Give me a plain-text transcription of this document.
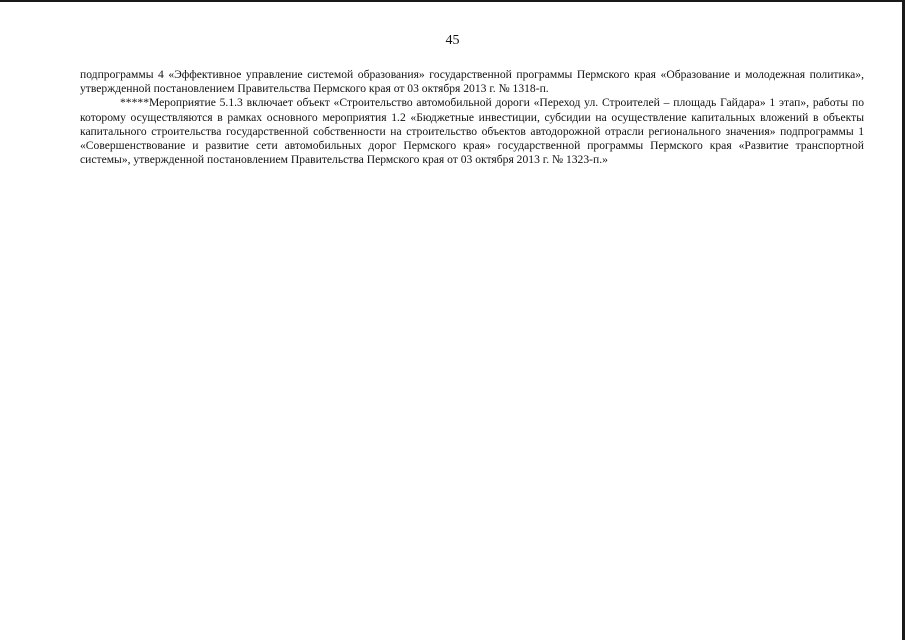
45

подпрограммы 4 «Эффективное управление системой образования» государственной программы Пермского края «Образование и молодежная политика», утвержденной постановлением Правительства Пермского края от 03 октября 2013 г. № 1318-п.

*****Мероприятие 5.1.3 включает объект «Строительство автомобильной дороги «Переход ул. Строителей – площадь Гайдара» 1 этап», работы по которому осуществляются в рамках основного мероприятия 1.2 «Бюджетные инвестиции, субсидии на осуществление капитальных вложений в объекты капитального строительства государственной собственности на строительство объектов автодорожной отрасли регионального значения» подпрограммы 1 «Совершенствование и развитие сети автомобильных дорог Пермского края» государственной программы Пермского края «Развитие транспортной системы», утвержденной постановлением Правительства Пермского края от 03 октября 2013 г. № 1323-п.»
